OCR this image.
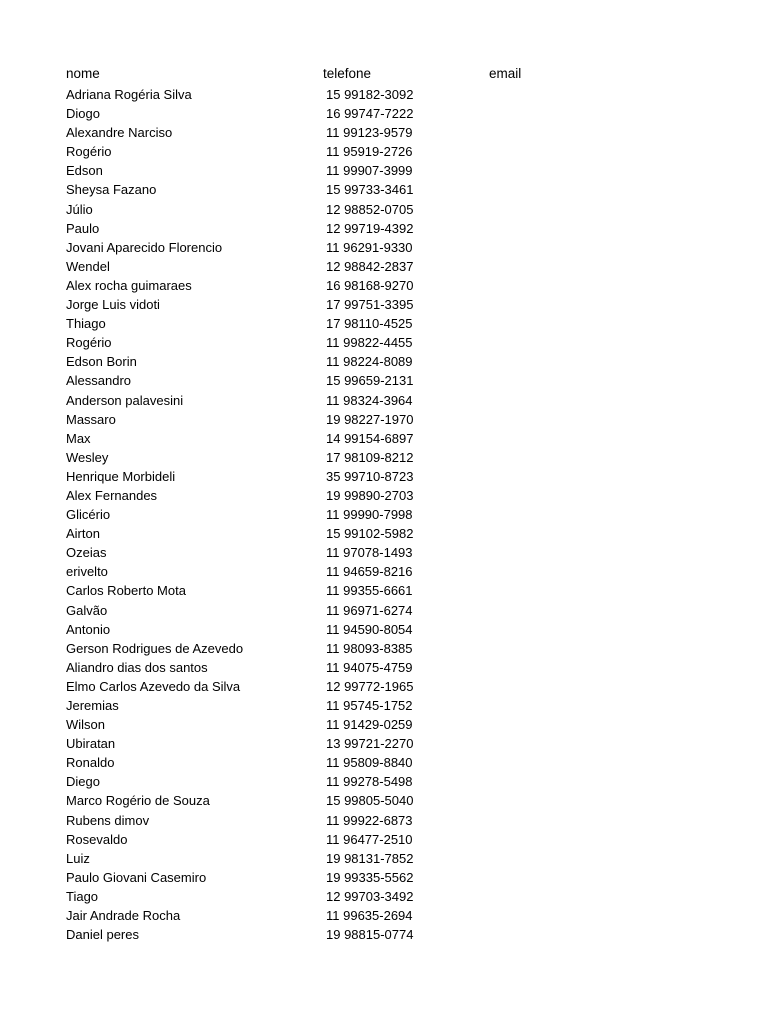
nome	telefone	email
Adriana Rogéria Silva	15 99182-3092
Diogo	16 99747-7222
Alexandre Narciso	11 99123-9579
Rogério	11 95919-2726
Edson	11 99907-3999
Sheysa Fazano	15 99733-3461
Júlio	12 98852-0705
Paulo	12 99719-4392
Jovani Aparecido Florencio	11 96291-9330
Wendel	12 98842-2837
Alex rocha guimaraes	16 98168-9270
Jorge Luis vidoti	17 99751-3395
Thiago	17 98110-4525
Rogério	11 99822-4455
Edson Borin	11 98224-8089
Alessandro	15 99659-2131
Anderson palavesini	11 98324-3964
Massaro	19 98227-1970
Max	14 99154-6897
Wesley	17 98109-8212
Henrique Morbideli	35 99710-8723
Alex Fernandes	19 99890-2703
Glicério	11 99990-7998
Airton	15 99102-5982
Ozeias	11 97078-1493
erivelto	11 94659-8216
Carlos Roberto Mota	11 99355-6661
Galvão	11 96971-6274
Antonio	11 94590-8054
Gerson Rodrigues de Azevedo	11 98093-8385
Aliandro dias dos santos	11 94075-4759
Elmo Carlos Azevedo da Silva	12 99772-1965
Jeremias	11 95745-1752
Wilson	11 91429-0259
Ubiratan	13 99721-2270
Ronaldo	11 95809-8840
Diego	11 99278-5498
Marco Rogério de Souza	15 99805-5040
Rubens dimov	11 99922-6873
Rosevaldo	11 96477-2510
Luiz	19 98131-7852
Paulo Giovani Casemiro	19 99335-5562
Tiago	12 99703-3492
Jair Andrade Rocha	11 99635-2694
Daniel peres	19 98815-0774
